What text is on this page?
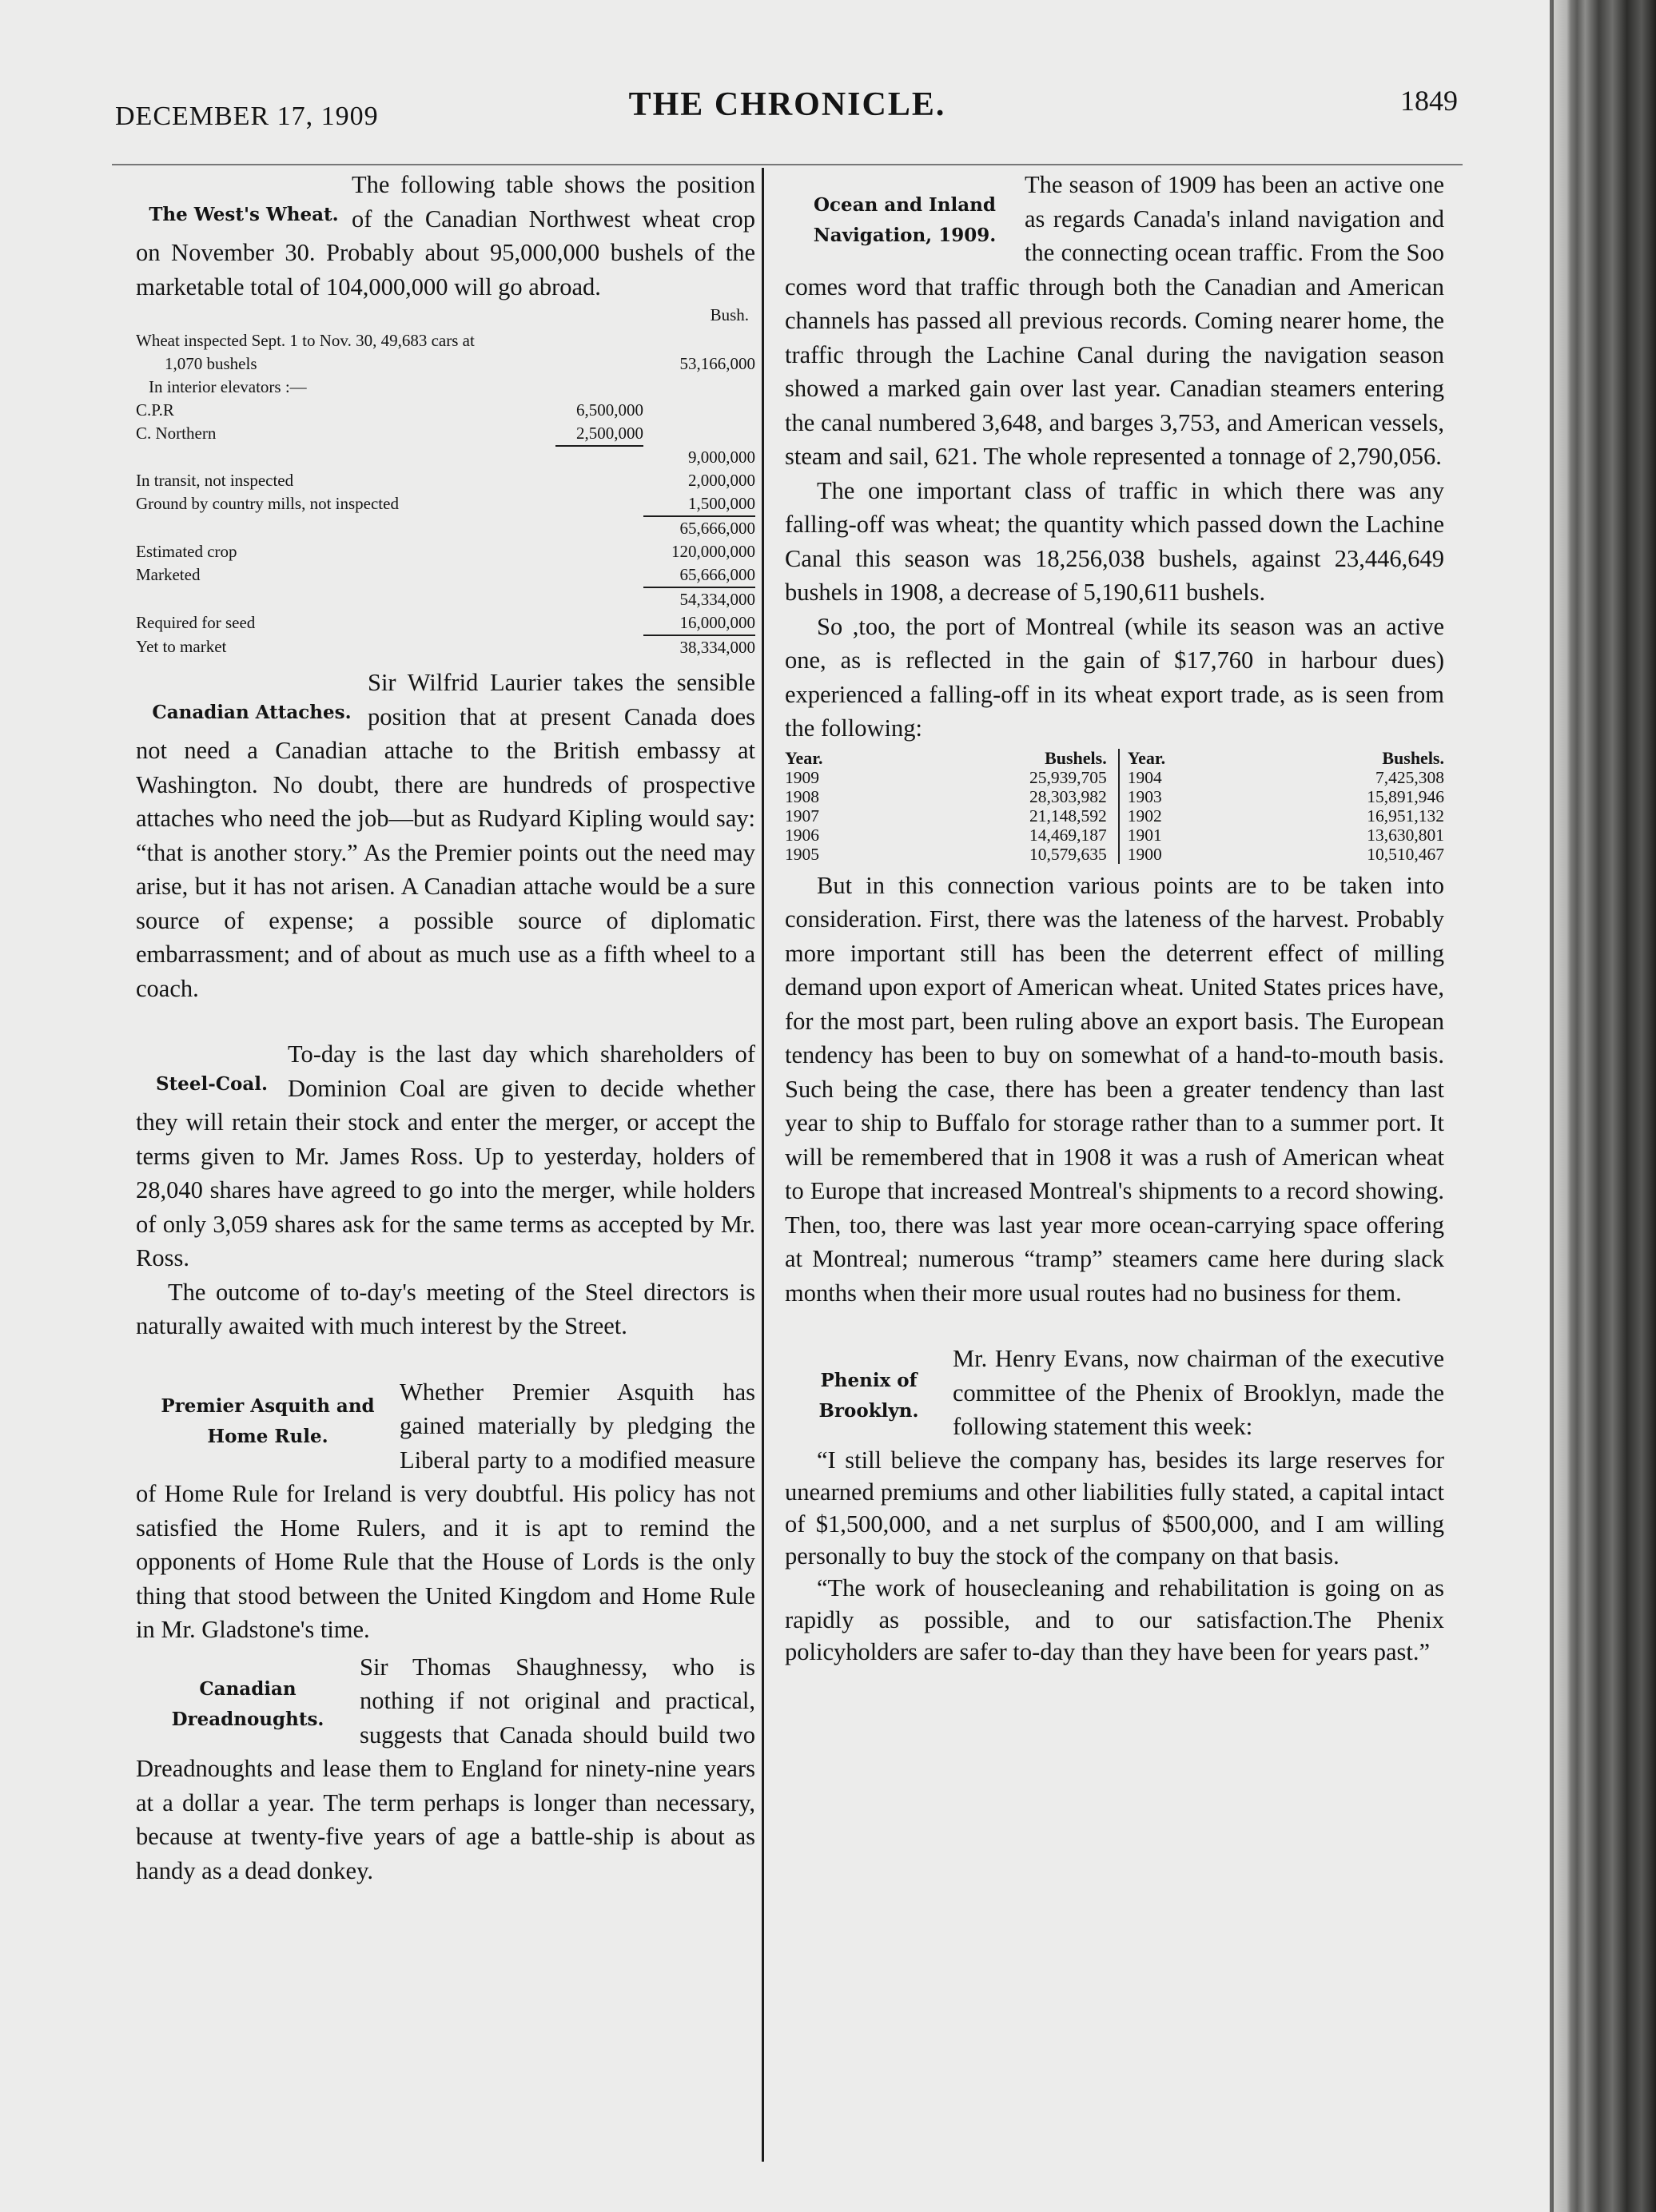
DECEMBER 17, 1909	THE CHRONICLE.	1849
The West's Wheat.

The following table shows the position of the Canadian Northwest wheat crop on November 30. Probably about 95,000,000 bushels of the marketable total of 104,000,000 will go abroad.

Bush.
Wheat inspected Sept. 1 to Nov. 30, 49,683 cars at		
1,070 bushels		53,166,000
In interior elevators :—		
C.P.R	6,500,000	
C. Northern	2,500,000	
		9,000,000
In transit, not inspected		2,000,000
Ground by country mills, not inspected		1,500,000
		65,666,000
Estimated crop		120,000,000
Marketed		65,666,000
		54,334,000
Required for seed		16,000,000
Yet to market		38,334,000
Canadian Attaches.

Sir Wilfrid Laurier takes the sensible position that at present Canada does not need a Canadian attache to the British embassy at Washington. No doubt, there are hundreds of prospective attaches who need the job—but as Rudyard Kipling would say: “that is another story.” As the Premier points out the need may arise, but it has not arisen. A Canadian attache would be a sure source of expense; a possible source of diplomatic embarrassment; and of about as much use as a fifth wheel to a coach.

Steel-Coal.

To-day is the last day which shareholders of Dominion Coal are given to decide whether they will retain their stock and enter the merger, or accept the terms given to Mr. James Ross. Up to yesterday, holders of 28,040 shares have agreed to go into the merger, while holders of only 3,059 shares ask for the same terms as accepted by Mr. Ross.

The outcome of to-day's meeting of the Steel directors is naturally awaited with much interest by the Street.

Premier Asquith and
Home Rule.

Whether Premier Asquith has gained materially by pledging the Liberal party to a modified measure of Home Rule for Ireland is very doubtful. His policy has not satisfied the Home Rulers, and it is apt to remind the opponents of Home Rule that the House of Lords is the only thing that stood between the United Kingdom and Home Rule in Mr. Gladstone's time.

Canadian
Dreadnoughts.

Sir Thomas Shaughnessy, who is nothing if not original and practical, suggests that Canada should build two Dreadnoughts and lease them to England for ninety-nine years at a dollar a year. The term perhaps is longer than necessary, because at twenty-five years of age a battle-ship is about as handy as a dead donkey.

Ocean and Inland
Navigation, 1909.

The season of 1909 has been an active one as regards Canada's inland navigation and the connecting ocean traffic. From the Soo comes word that traffic through both the Canadian and American channels has passed all previous records. Coming nearer home, the traffic through the Lachine Canal during the navigation season showed a marked gain over last year. Canadian steamers entering the canal numbered 3,648, and barges 3,753, and American vessels, steam and sail, 621. The whole represented a tonnage of 2,790,056.

The one important class of traffic in which there was any falling-off was wheat; the quantity which passed down the Lachine Canal this season was 18,256,038 bushels, against 23,446,649 bushels in 1908, a decrease of 5,190,611 bushels.

So ,too, the port of Montreal (while its season was an active one, as is reflected in the gain of $17,760 in harbour dues) experienced a falling-off in its wheat export trade, as is seen from the following:

Year.	Bushels.	Year.	Bushels.
1909	25,939,705	1904	7,425,308
1908	28,303,982	1903	15,891,946
1907	21,148,592	1902	16,951,132
1906	14,469,187	1901	13,630,801
1905	10,579,635	1900	10,510,467

But in this connection various points are to be taken into consideration. First, there was the lateness of the harvest. Probably more important still has been the deterrent effect of milling demand upon export of American wheat. United States prices have, for the most part, been ruling above an export basis. The European tendency has been to buy on somewhat of a hand-to-mouth basis. Such being the case, there has been a greater tendency than last year to ship to Buffalo for storage rather than to a summer port. It will be remembered that in 1908 it was a rush of American wheat to Europe that increased Montreal's shipments to a record showing. Then, too, there was last year more ocean-carrying space offering at Montreal; numerous “tramp” steamers came here during slack months when their more usual routes had no business for them.

Phenix of
Brooklyn.

Mr. Henry Evans, now chairman of the executive committee of the Phenix of Brooklyn, made the following statement this week:

“I still believe the company has, besides its large reserves for unearned premiums and other liabilities fully stated, a capital intact of $1,500,000, and a net surplus of $500,000, and I am willing personally to buy the stock of the company on that basis.

“The work of housecleaning and rehabilitation is going on as rapidly as possible, and to our satisfaction.The Phenix policyholders are safer to-day than they have been for years past.”
